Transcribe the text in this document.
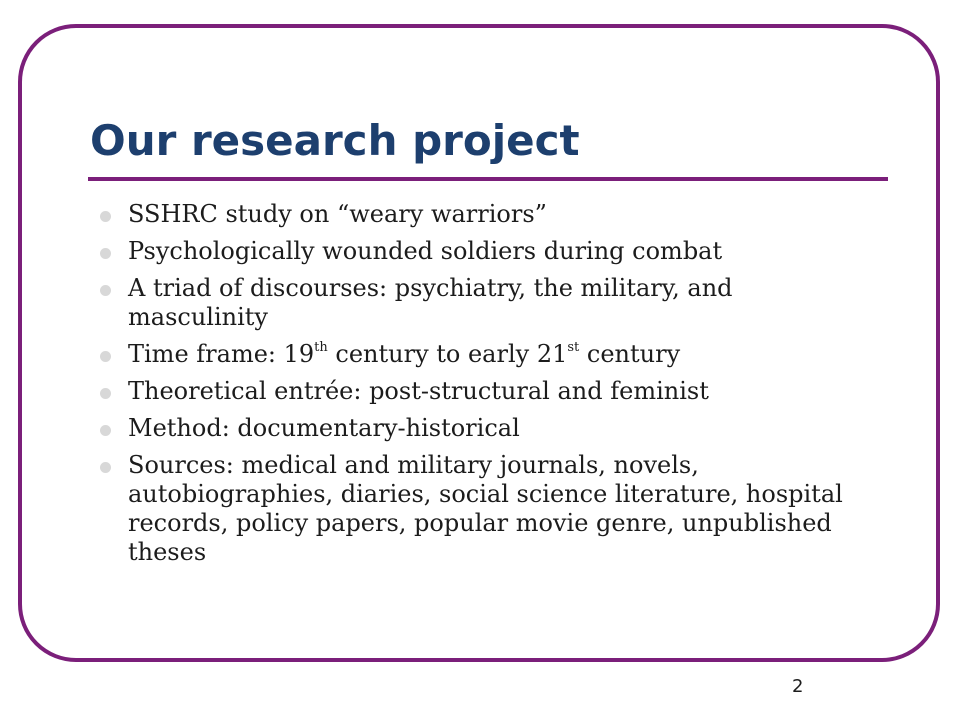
Our research project
SSHRC study on “weary warriors”
Psychologically wounded soldiers during combat
A triad of discourses: psychiatry, the military, and masculinity
Time frame: 19th century to early 21st century
Theoretical entrée: post-structural and feminist
Method: documentary-historical
Sources: medical and military journals, novels, autobiographies, diaries, social science literature, hospital records, policy papers, popular movie genre, unpublished theses
2
